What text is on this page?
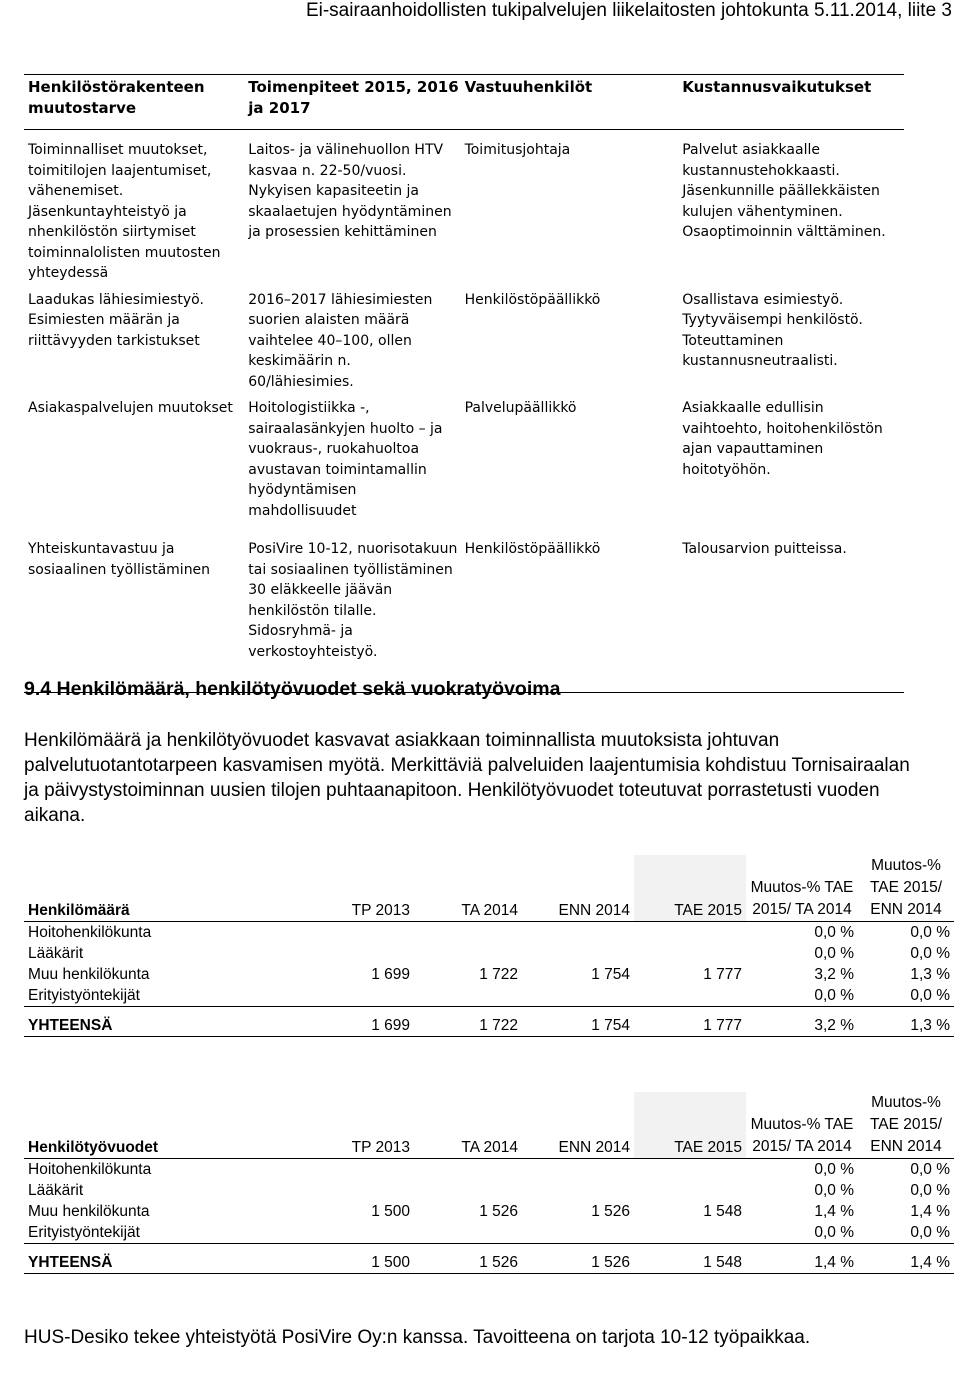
Ei-sairaanhoidollisten tukipalvelujen liikelaitosten johtokunta 5.11.2014, liite 3
Henkilöstörakenteen muutostarve	Toimenpiteet 2015, 2016 ja 2017	Vastuuhenkilöt	Kustannusvaikutukset

Toiminnalliset muutokset, toimitilojen laajentumiset, vähenemiset. Jäsenkuntayhteistyö ja nhenkilöstön siirtymiset toiminnalolisten muutosten yhteydessä	Laitos- ja välinehuollon HTV kasvaa n. 22-50/vuosi. Nykyisen kapasiteetin ja skaalaetujen hyödyntäminen ja prosessien kehittäminen	Toimitusjohtaja	Palvelut asiakkaalle kustannustehokkaasti. Jäsenkunnille päällekkäisten kulujen vähentyminen. Osaoptimoinnin välttäminen.
Laadukas lähiesimiestyö. Esimiesten määrän ja riittävyyden tarkistukset	2016–2017 lähiesimiesten suorien alaisten määrä vaihtelee 40–100, ollen keskimäärin n. 60/lähiesimies.	Henkilöstöpäällikkö	Osallistava esimiestyö. Tyytyväisempi henkilöstö. Toteuttaminen kustannusneutraalisti.
Asiakaspalvelujen muutokset	Hoitologistiikka -, sairaalasänkyjen huolto – ja vuokraus-, ruokahuoltoa avustavan toimintamallin hyödyntämisen mahdollisuudet	Palvelupäällikkö	Asiakkaalle edullisin vaihtoehto, hoitohenkilöstön ajan vapauttaminen hoitotyöhön.
Yhteiskuntavastuu ja sosiaalinen työllistäminen	PosiVire 10-12, nuorisotakuun tai sosiaalinen työllistäminen 30 eläkkeelle jäävän henkilöstön tilalle. Sidosryhmä- ja verkostoyhteistyö.	Henkilöstöpäällikkö	Talousarvion puitteissa.
9.4 Henkilömäärä, henkilötyövuodet sekä vuokratyövoima
Henkilömäärä ja henkilötyövuodet kasvavat asiakkaan toiminnallista muutoksista johtuvan palvelutuotantotarpeen kasvamisen myötä. Merkittäviä palveluiden laajentumisia kohdistuu Tornisairaalan ja päivystystoiminnan uusien tilojen puhtaanapitoon. Henkilötyövuodet toteutuvat porrastetusti vuoden aikana.
Henkilömäärä	TP 2013	TA 2014	ENN 2014	TAE 2015	Muutos-% TAE 2015/ TA 2014	Muutos-% TAE 2015/ ENN 2014
Hoitohenkilökunta					0,0 %	0,0 %
Lääkärit					0,0 %	0,0 %
Muu henkilökunta	1 699	1 722	1 754	1 777	3,2 %	1,3 %
Erityistyöntekijät					0,0 %	0,0 %

YHTEENSÄ	1 699	1 722	1 754	1 777	3,2 %	1,3 %
Henkilötyövuodet	TP 2013	TA 2014	ENN 2014	TAE 2015	Muutos-% TAE 2015/ TA 2014	Muutos-% TAE 2015/ ENN 2014
Hoitohenkilökunta					0,0 %	0,0 %
Lääkärit					0,0 %	0,0 %
Muu henkilökunta	1 500	1 526	1 526	1 548	1,4 %	1,4 %
Erityistyöntekijät					0,0 %	0,0 %

YHTEENSÄ	1 500	1 526	1 526	1 548	1,4 %	1,4 %
HUS-Desiko tekee yhteistyötä PosiVire Oy:n kanssa. Tavoitteena on tarjota 10-12 työpaikkaa.
